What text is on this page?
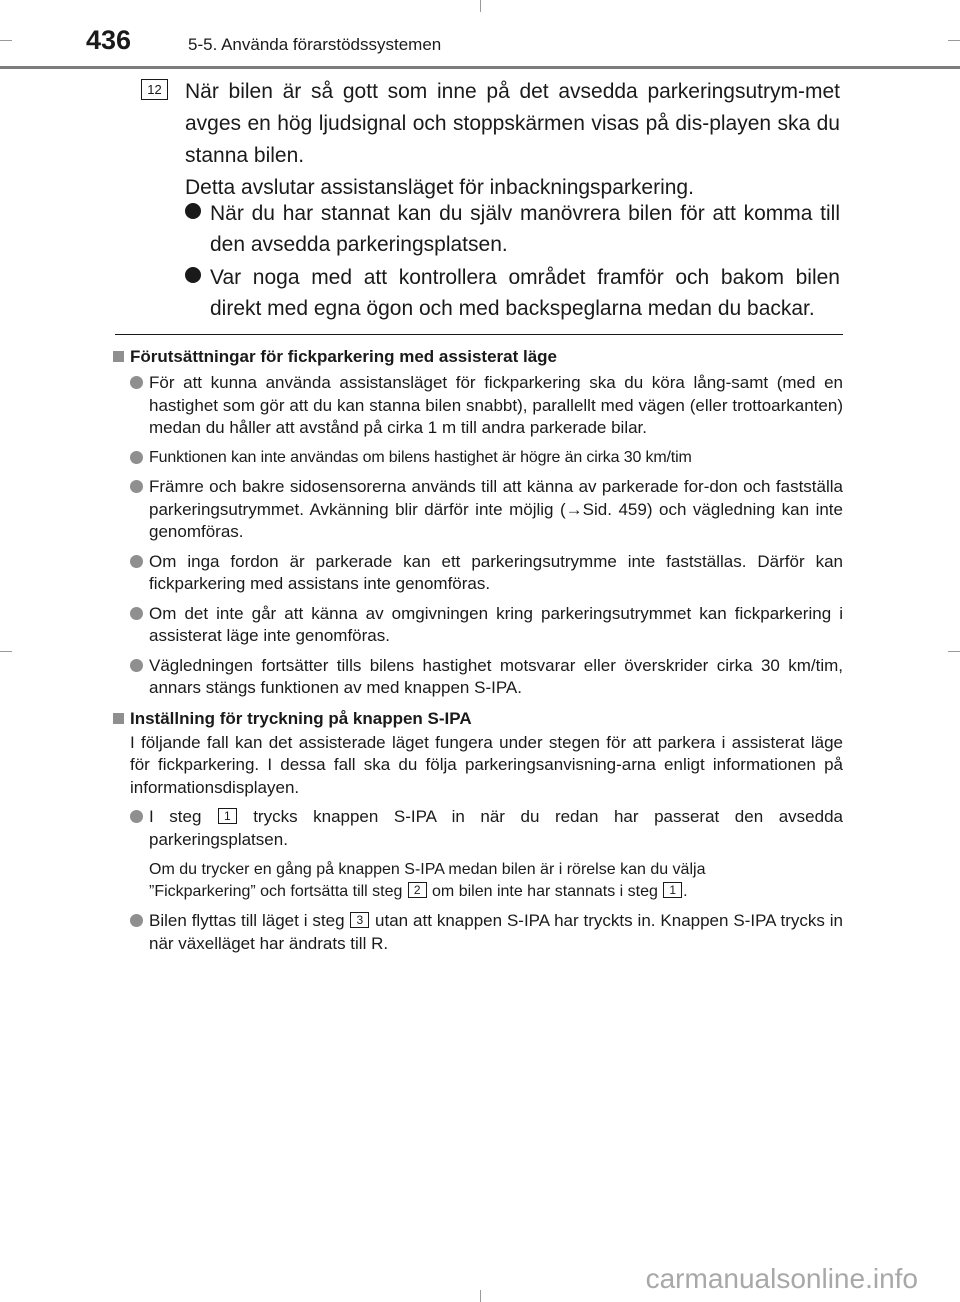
436	5-5. Använda förarstödssystemen
12 När bilen är så gott som inne på det avsedda parkeringsutrym-met avges en hög ljudsignal och stoppskärmen visas på dis-playen ska du stanna bilen.

Detta avslutar assistansläget för inbackningsparkering.

När du har stannat kan du själv manövrera bilen för att komma till den avsedda parkeringsplatsen.
Var noga med att kontrollera området framför och bakom bilen direkt med egna ögon och med backspeglarna medan du backar.
Förutsättningar för fickparkering med assisterat läge
För att kunna använda assistansläget för fickparkering ska du köra lång-samt (med en hastighet som gör att du kan stanna bilen snabbt), parallellt med vägen (eller trottoarkanten) medan du håller att avstånd på cirka 1 m till andra parkerade bilar.
Funktionen kan inte användas om bilens hastighet är högre än cirka 30 km/tim
Främre och bakre sidosensorerna används till att känna av parkerade for-don och fastställa parkeringsutrymmet. Avkänning blir därför inte möjlig (→Sid. 459) och vägledning kan inte genomföras.
Om inga fordon är parkerade kan ett parkeringsutrymme inte fastställas. Därför kan fickparkering med assistans inte genomföras.
Om det inte går att känna av omgivningen kring parkeringsutrymmet kan fickparkering i assisterat läge inte genomföras.
Vägledningen fortsätter tills bilens hastighet motsvarar eller överskrider cirka 30 km/tim, annars stängs funktionen av med knappen S-IPA.
Inställning för tryckning på knappen S-IPA
I följande fall kan det assisterade läget fungera under stegen för att parkera i assisterat läge för fickparkering. I dessa fall ska du följa parkeringsanvisning-arna enligt informationen på informationsdisplayen.
I steg 1 trycks knappen S-IPA in när du redan har passerat den avsedda parkeringsplatsen.
Om du trycker en gång på knappen S-IPA medan bilen är i rörelse kan du välja
”Fickparkering” och fortsätta till steg 2 om bilen inte har stannats i steg 1 .
Bilen flyttas till läget i steg 3 utan att knappen S-IPA har tryckts in. Knappen S-IPA trycks in när växelläget har ändrats till R.
carmanualsonline.info
